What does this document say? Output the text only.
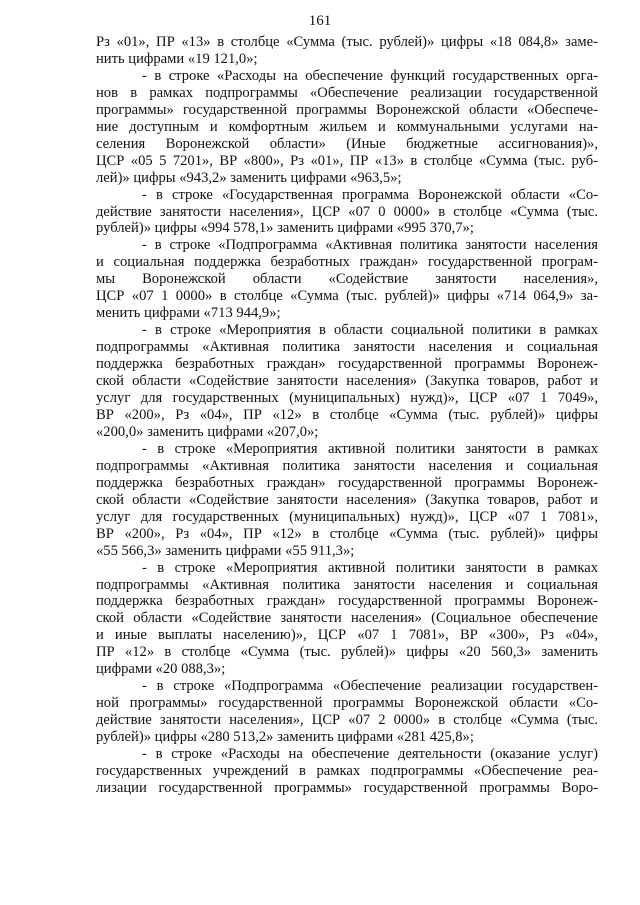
161
Рз «01», ПР «13» в столбце «Сумма (тыс. рублей)» цифры «18 084,8» заме-
нить цифрами «19 121,0»;
- в строке «Расходы на обеспечение функций государственных орга-
нов в рамках подпрограммы «Обеспечение реализации государственной
программы» государственной программы Воронежской области «Обеспече-
ние доступным и комфортным жильем и коммунальными услугами на-
селения Воронежской области» (Иные бюджетные ассигнования)»,
ЦСР «05 5 7201», ВР «800», Рз «01», ПР «13» в столбце «Сумма (тыс. руб-
лей)» цифры «943,2» заменить цифрами «963,5»;
- в строке «Государственная программа Воронежской области «Со-
действие занятости населения», ЦСР «07 0 0000» в столбце «Сумма (тыс.
рублей)» цифры «994 578,1» заменить цифрами «995 370,7»;
- в строке «Подпрограмма «Активная политика занятости населения
и социальная поддержка безработных граждан» государственной програм-
мы Воронежской области «Содействие занятости населения»,
ЦСР «07 1 0000» в столбце «Сумма (тыс. рублей)» цифры «714 064,9» за-
менить цифрами «713 944,9»;
- в строке «Мероприятия в области социальной политики в рамках
подпрограммы «Активная политика занятости населения и социальная
поддержка безработных граждан» государственной программы Воронеж-
ской области «Содействие занятости населения» (Закупка товаров, работ и
услуг для государственных (муниципальных) нужд)», ЦСР «07 1 7049»,
ВР «200», Рз «04», ПР «12» в столбце «Сумма (тыс. рублей)» цифры
«200,0» заменить цифрами «207,0»;
- в строке «Мероприятия активной политики занятости в рамках
подпрограммы «Активная политика занятости населения и социальная
поддержка безработных граждан» государственной программы Воронеж-
ской области «Содействие занятости населения» (Закупка товаров, работ и
услуг для государственных (муниципальных) нужд)», ЦСР «07 1 7081»,
ВР «200», Рз «04», ПР «12» в столбце «Сумма (тыс. рублей)» цифры
«55 566,3» заменить цифрами «55 911,3»;
- в строке «Мероприятия активной политики занятости в рамках
подпрограммы «Активная политика занятости населения и социальная
поддержка безработных граждан» государственной программы Воронеж-
ской области «Содействие занятости населения» (Социальное обеспечение
и иные выплаты населению)», ЦСР «07 1 7081», ВР «300», Рз «04»,
ПР «12» в столбце «Сумма (тыс. рублей)» цифры «20 560,3» заменить
цифрами «20 088,3»;
- в строке «Подпрограмма «Обеспечение реализации государствен-
ной программы» государственной программы Воронежской области «Со-
действие занятости населения», ЦСР «07 2 0000» в столбце «Сумма (тыс.
рублей)» цифры «280 513,2» заменить цифрами «281 425,8»;
- в строке «Расходы на обеспечение деятельности (оказание услуг)
государственных учреждений в рамках подпрограммы «Обеспечение реа-
лизации государственной программы» государственной программы Воро-
